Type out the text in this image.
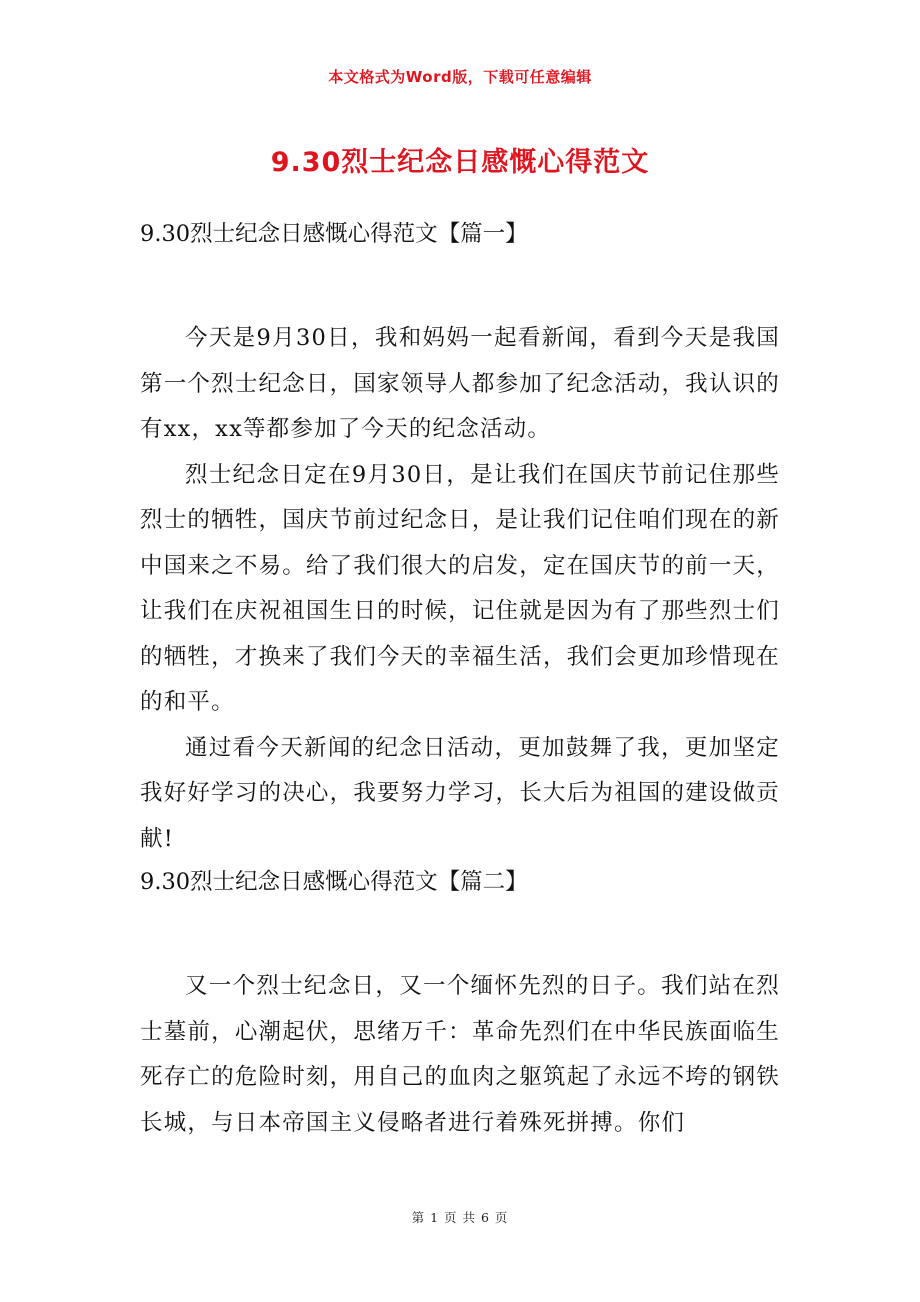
本文格式为Word版，下载可任意编辑
9.30烈士纪念日感慨心得范文

9.30烈士纪念日感慨心得范文【篇一】

今天是9月30日，我和妈妈一起看新闻，看到今天是我国第一个烈士纪念日，国家领导人都参加了纪念活动，我认识的有xx，xx等都参加了今天的纪念活动。

烈士纪念日定在9月30日，是让我们在国庆节前记住那些烈士的牺牲，国庆节前过纪念日，是让我们记住咱们现在的新中国来之不易。给了我们很大的启发，定在国庆节的前一天，让我们在庆祝祖国生日的时候，记住就是因为有了那些烈士们的牺牲，才换来了我们今天的幸福生活，我们会更加珍惜现在的和平。

通过看今天新闻的纪念日活动，更加鼓舞了我，更加坚定我好好学习的决心，我要努力学习，长大后为祖国的建设做贡献!

9.30烈士纪念日感慨心得范文【篇二】

又一个烈士纪念日，又一个缅怀先烈的日子。我们站在烈士墓前，心潮起伏，思绪万千：革命先烈们在中华民族面临生死存亡的危险时刻，用自己的血肉之躯筑起了永远不垮的钢铁长城，与日本帝国主义侵略者进行着殊死拼搏。你们

第 1 页 共 6 页
